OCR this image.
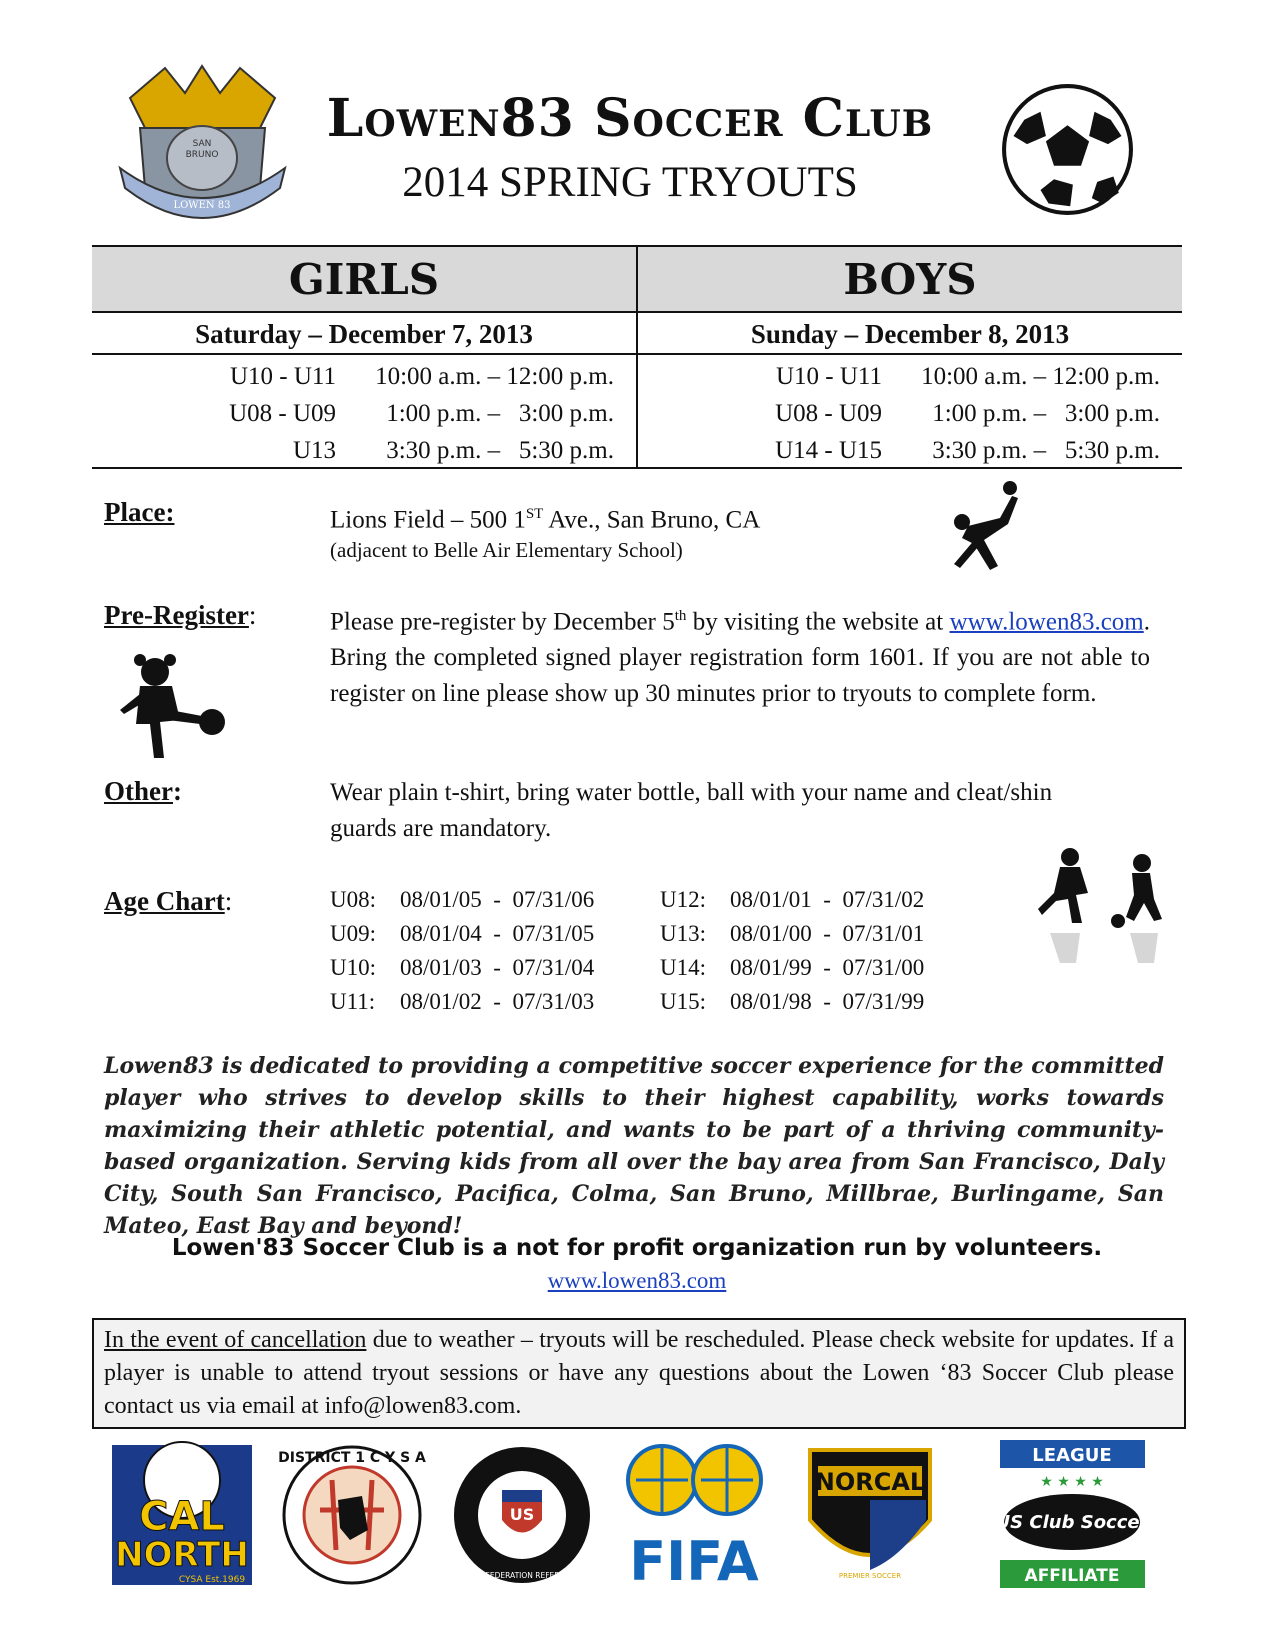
SAN
BRUNO
LOWEN 83
Lowen83 Soccer Club
2014 SPRING TRYOUTS
GIRLS
Saturday – December 7, 2013
U10 - U11 10:00 a.m. – 12:00 p.m.
U08 - U09 1:00 p.m. –   3:00 p.m.
U13 3:30 p.m. –   5:30 p.m.
BOYS
Sunday – December 8, 2013
U10 - U11 10:00 a.m. – 12:00 p.m.
U08 - U09 1:00 p.m. –   3:00 p.m.
U14 - U15 3:30 p.m. –   5:30 p.m.
Place:	Lions Field – 500 1ST Ave., San Bruno, CA
(adjacent to Belle Air Elementary School)
Pre-Register:	Please pre-register by December 5th by visiting the website at www.lowen83.com. Bring the completed signed player registration form 1601. If you are not able to register on line please show up 30 minutes prior to tryouts to complete form.
Other:	Wear plain t-shirt, bring water bottle, ball with your name and cleat/shin guards are mandatory.
Age Chart:	U08: 08/01/05  -  07/31/06	U12: 08/01/01  -  07/31/02
U09: 08/01/04  -  07/31/05	U13: 08/01/00  -  07/31/01
U10: 08/01/03  -  07/31/04	U14: 08/01/99  -  07/31/00
U11: 08/01/02  -  07/31/03	U15: 08/01/98  -  07/31/99
Lowen83 is dedicated to providing a competitive soccer experience for the committed player who strives to develop skills to their highest capability, works towards maximizing their athletic potential, and wants to be part of a thriving community-based organization. Serving kids from all over the bay area from San Francisco, Daly City, South San Francisco, Pacifica, Colma, San Bruno, Millbrae, Burlingame, San Mateo, East Bay and beyond!
Lowen'83 Soccer Club is a not for profit organization run by volunteers.
www.lowen83.com
In the event of cancellation due to weather – tryouts will be rescheduled. Please check website for updates. If a player is unable to attend tryout sessions or have any questions about the Lowen ‘83 Soccer Club please contact us via email at info@lowen83.com.
CAL
NORTH
CYSA Est.1969
DISTRICT 1 C Y S A
US
U.S. SOCCER FEDERATION REFEREE PROGRAM FIFA
NORCAL
PREMIER SOCCER
LEAGUE
★ ★ ★ ★
US Club Soccer
AFFILIATE
